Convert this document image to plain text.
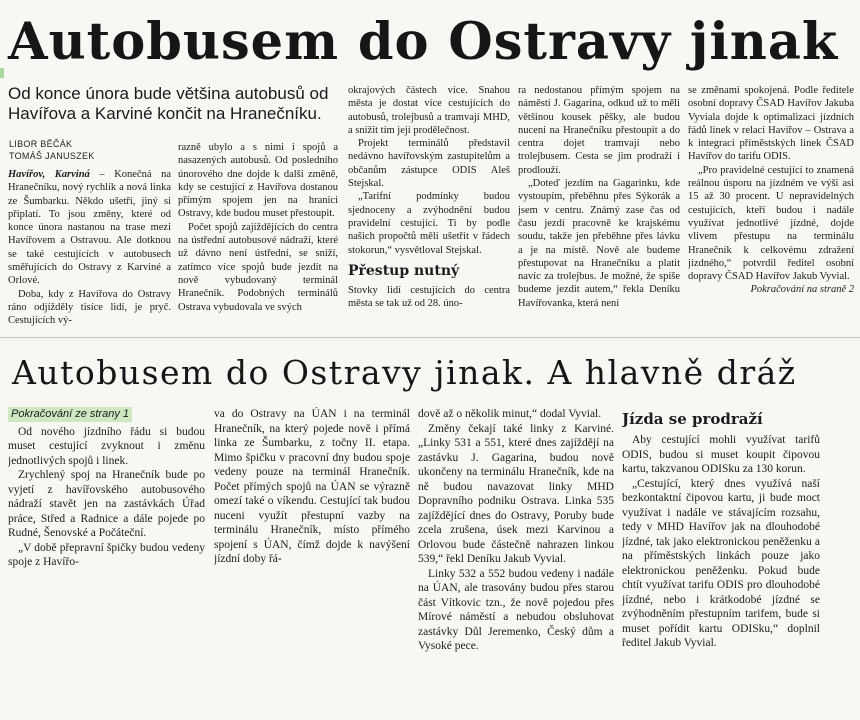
Autobusem do Ostravy jinak
Od konce února bude většina autobusů od Havířova a Karviné končit na Hranečníku.
LIBOR BĚČÁK
TOMÁŠ JANUSZEK

Havířov, Karviná – Konečná na Hranečníku, nový rychlík a nová linka ze Šumbarku. Někdo ušetří, jiný si připlatí. To jsou změny, které od konce února nastanou na trase mezi Havířovem a Ostravou. Ale dotknou se také cestujících v autobusech směřujících do Ostravy z Karviné a Orlové.

Doba, kdy z Havířova do Ostravy ráno odjížděly tisíce lidí, je pryč. Cestujících vý-

razně ubylo a s nimi i spojů a nasazených autobusů. Od posledního únorového dne dojde k další změně, kdy se cestující z Havířova dostanou přímým spojem jen na hranici Ostravy, kde budou muset přestoupit.

Počet spojů zajíždějících do centra na ústřední autobusové nádraží, které už dávno není ústřední, se sníží, zatímco více spojů bude jezdit na nově vybudovaný terminál Hranečník. Podobných terminálů Ostrava vybudovala ve svých

okrajových částech více. Snahou města je dostat více cestujících do autobusů, trolejbusů a tramvají MHD, a snížit tím její prodělečnost.

Projekt terminálů představil nedávno havířovským zastupitelům a občanům zástupce ODIS Aleš Stejskal.

„Tarifní podmínky budou sjednoceny a zvýhodnění budou pravidelní cestující. Ti by podle našich propočtů měli ušetřit v řádech stokorun,“ vysvětloval Stejskal.

Přestup nutný

Stovky lidí cestujících do centra města se tak už od 28. úno-

ra nedostanou přímým spojem na náměstí J. Gagarina, odkud už to měli většinou kousek pěšky, ale budou nuceni na Hranečníku přestoupit a do centra dojet tramvají nebo trolejbusem. Cesta se jim prodraží i prodlouží.

„Doteď jezdím na Gagarinku, kde vystoupím, přeběhnu přes Sýkorák a jsem v centru. Známý zase čas od času jezdí pracovně ke krajskému soudu, takže jen přeběhne přes lávku a je na místě. Nově ale budeme přestupovat na Hranečníku a platit navíc za trolejbus. Je možné, že spíše budeme jezdit autem,“ řekla Deníku Havířovanka, která není

se změnami spokojená. Podle ředitele osobní dopravy ČSAD Havířov Jakuba Vyviala dojde k optimalizaci jízdních řádů linek v relaci Havířov – Ostrava a k integraci příměstských linek ČSAD Havířov do tarifu ODIS.

„Pro pravidelné cestující to znamená reálnou úsporu na jízdném ve výši asi 15 až 30 procent. U nepravidelných cestujících, kteří budou i nadále využívat jednotlivé jízdné, dojde vlivem přestupu na terminálu Hranečník k celkovému zdražení jízdného,“ potvrdil ředitel osobní dopravy ČSAD Havířov Jakub Vyvial.

Pokračování na straně 2

Autobusem do Ostravy jinak. A hlavně dráž
Pokračování ze strany 1

Od nového jízdního řádu si budou muset cestující zvyknout i změnu jednotlivých spojů i linek.

Zrychlený spoj na Hranečník bude po vyjetí z havířovského autobusového nádraží stavět jen na zastávkách Úřad práce, Střed a Radnice a dále pojede po Rudné, Šenovské a Počáteční.

„V době přepravní špičky budou vedeny spoje z Havířo-

va do Ostravy na ÚAN i na terminál Hranečník, na který pojede nově i přímá linka ze Šumbarku, z točny II. etapa. Mimo špičku v pracovní dny budou spoje vedeny pouze na terminál Hranečník. Počet přímých spojů na ÚAN se výrazně omezí také o víkendu. Cestující tak budou nuceni využít přestupní vazby na terminálu Hranečník, místo přímého spojení s ÚAN, čímž dojde k navýšení jízdní doby řá-

dově až o několik minut,“ dodal Vyvial.

Změny čekají také linky z Karviné. „Linky 531 a 551, které dnes zajíždějí na zastávku J. Gagarina, budou nově ukončeny na terminálu Hranečník, kde na ně budou navazovat linky MHD Dopravního podniku Ostrava. Linka 535 zajíždějící dnes do Ostravy, Poruby bude zcela zrušena, úsek mezi Karvinou a Orlovou bude částečně nahrazen linkou 539,“ řekl Deníku Jakub Vyvial.

Linky 532 a 552 budou vedeny i nadále na ÚAN, ale trasovány budou přes starou část Vítkovic tzn., že nově pojedou přes Mírové náměstí a nebudou obsluhovat zastávky Důl Jeremenko, Český dům a Vysoké pece.

Jízda se prodraží

Aby cestující mohli využívat tarifů ODIS, budou si muset koupit čipovou kartu, takzvanou ODISku za 130 korun.

„Cestující, který dnes využívá naší bezkontaktní čipovou kartu, ji bude moct využívat i nadále ve stávajícím rozsahu, tedy v MHD Havířov jak na dlouhodobé jízdné, tak jako elektronickou peněženku a na příměstských linkách pouze jako elektronickou peněženku. Pokud bude chtít využívat tarifu ODIS pro dlouhodobé jízdné, nebo i krátkodobé jízdné se zvýhodněním přestupním tarifem, bude si muset pořídit kartu ODISku,“ doplnil ředitel Jakub Vyvial.
